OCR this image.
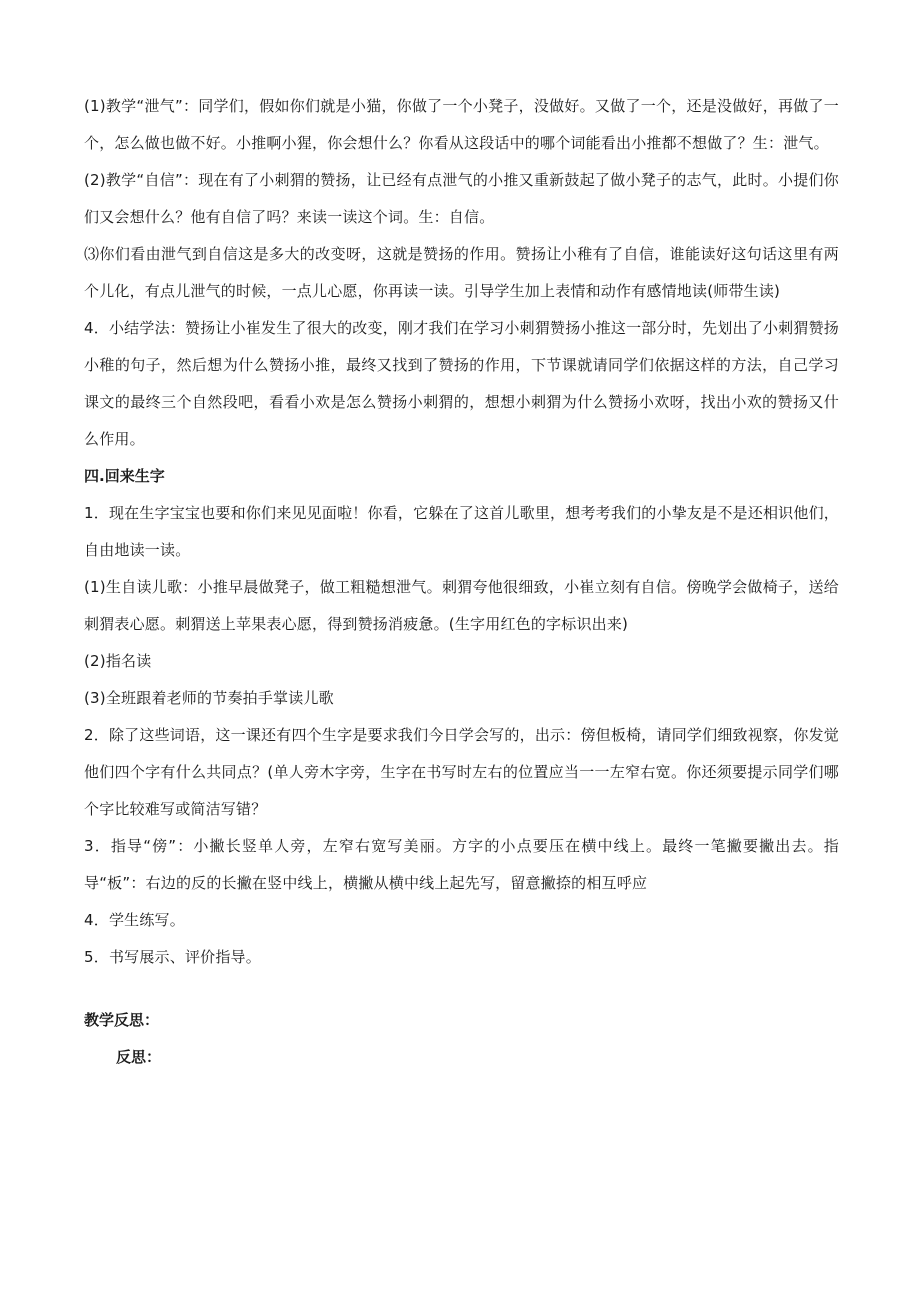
(1)教学“泄气”：同学们，假如你们就是小猫，你做了一个小凳子，没做好。又做了一个，还是没做好，再做了一个，怎么做也做不好。小推啊小猩，你会想什么？你看从这段话中的哪个词能看出小推都不想做了？生：泄气。

(2)教学“自信”：现在有了小刺猬的赞扬，让已经有点泄气的小推又重新鼓起了做小凳子的志气，此时。小提们你们又会想什么？他有自信了吗？来读一读这个词。生：自信。

⑶你们看由泄气到自信这是多大的改变呀，这就是赞扬的作用。赞扬让小稚有了自信，谁能读好这句话这里有两个儿化，有点儿泄气的时候，一点儿心愿，你再读一读。引导学生加上表情和动作有感情地读(师带生读)

4．小结学法：赞扬让小崔发生了很大的改变，刚才我们在学习小刺猬赞扬小推这一部分时，先划出了小刺猬赞扬小稚的句子，然后想为什么赞扬小推，最终又找到了赞扬的作用，下节课就请同学们依据这样的方法，自己学习课文的最终三个自然段吧，看看小欢是怎么赞扬小刺猬的，想想小刺猬为什么赞扬小欢呀，找出小欢的赞扬又什么作用。

四.回来生字

1．现在生字宝宝也要和你们来见见面啦！你看，它躲在了这首儿歌里，想考考我们的小挚友是不是还相识他们，自由地读一读。

(1)生自读儿歌：小推早晨做凳子，做工粗糙想泄气。刺猬夸他很细致，小崔立刻有自信。傍晚学会做椅子，送给刺猬表心愿。刺猬送上苹果表心愿，得到赞扬消疲惫。(生字用红色的字标识出来)

(2)指名读

(3)全班跟着老师的节奏拍手掌读儿歌

2．除了这些词语，这一课还有四个生字是要求我们今日学会写的，出示：傍但板椅，请同学们细致视察，你发觉他们四个字有什么共同点？(单人旁木字旁，生字在书写时左右的位置应当一一左窄右宽。你还须要提示同学们哪个字比较难写或简洁写错？

3．指导“傍”：小撇长竖单人旁，左窄右宽写美丽。方字的小点要压在横中线上。最终一笔撇要撇出去。指导“板”：右边的反的长撇在竖中线上，横撇从横中线上起先写，留意撇捺的相互呼应

4．学生练写。

5．书写展示、评价指导。

教学反思：

反思：
